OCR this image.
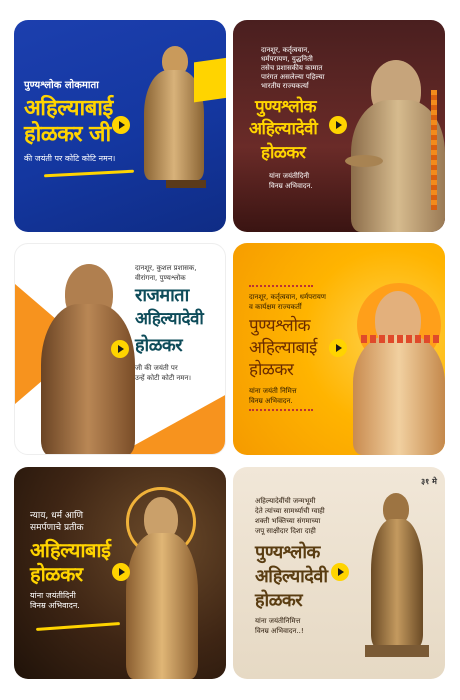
पुण्यश्लोक लोकमाता
अहिल्याबाई
होळकर जी
की जयंती पर कोटि कोटि नमन।
दानशूर, कर्तृत्ववान,
धर्मपरायण, युद्धनिती
तसेच प्रशासकीय कामात
पारंगत असलेल्या पहिल्या
भारतीय राज्यकर्त्या
पुण्यश्लोक
अहिल्यादेवी
होळकर
यांना जयंतीदिनी
विनम्र अभिवादन.
दानशूर, कुशल प्रशासक,
वीरांगना, पुण्यश्लोक
राजमाता
अहिल्यादेवी
होळकर
जी की जयंती पर
उन्हें कोटी कोटी नमन।
दानशूर, कर्तृत्ववान, धर्मपरायण
व कार्यक्षम राज्यकर्ती
पुण्यश्लोक
अहिल्याबाई
होळकर
यांना जयंती निमित्त
विनम्र अभिवादन.
न्याय, धर्म आणि
समर्पणाचे प्रतीक
अहिल्याबाई
होळकर
यांना जयंतीदिनी
विनम्र अभिवादन.
३१ मे
अहिल्यादेवींची जन्मभूमी
देते त्यांच्या सामर्थ्याची ग्वाही
शक्ती भक्तिच्या संगमाच्या
जपू साक्षीदार दिशा दाही
पुण्यश्लोक
अहिल्यादेवी
होळकर
यांना जयंतीनिमित्त
विनम्र अभिवादन..!
